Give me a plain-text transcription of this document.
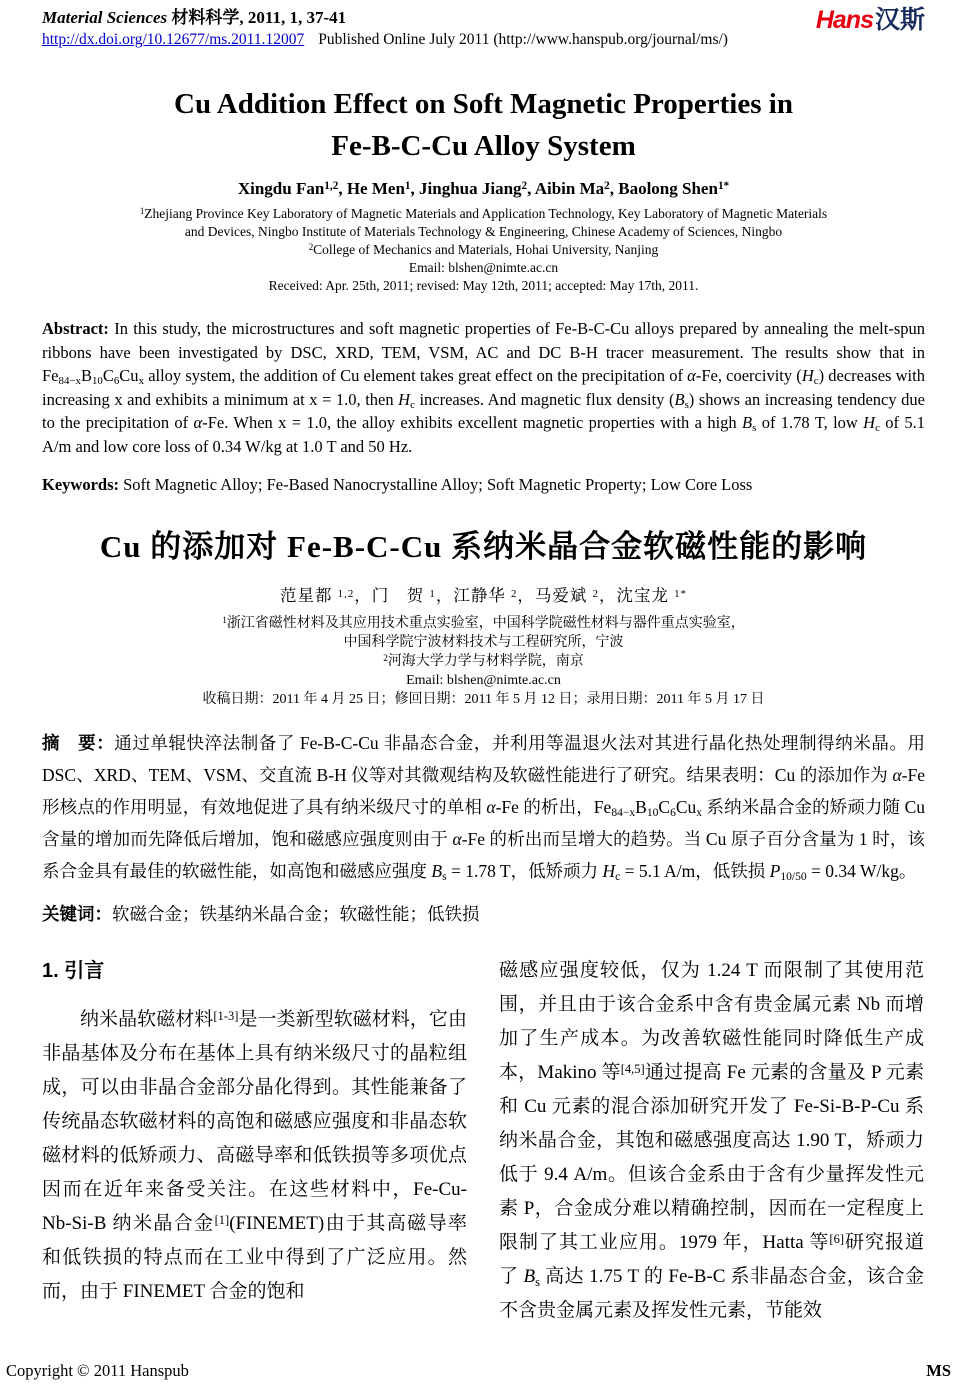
Material Sciences 材料科学, 2011, 1, 37-41
http://dx.doi.org/10.12677/ms.2011.12007 Published Online July 2011 (http://www.hanspub.org/journal/ms/)
Hans汉斯
Cu Addition Effect on Soft Magnetic Properties in
Fe-B-C-Cu Alloy System
Xingdu Fan$^{1,2}$, He Men$^1$, Jinghua Jiang$^2$, Aibin Ma$^2$, Baolong Shen$^{1*}$
$^1$Zhejiang Province Key Laboratory of Magnetic Materials and Application Technology, Key Laboratory of Magnetic Materials
and Devices, Ningbo Institute of Materials Technology & Engineering, Chinese Academy of Sciences, Ningbo
$^2$College of Mechanics and Materials, Hohai University, Nanjing
Email: blshen@nimte.ac.cn
Received: Apr. 25th, 2011; revised: May 12th, 2011; accepted: May 17th, 2011.
Abstract: In this study, the microstructures and soft magnetic properties of Fe-B-C-Cu alloys prepared by annealing the melt-spun ribbons have been investigated by DSC, XRD, TEM, VSM, AC and DC B-H tracer measurement. The results show that in Fe84−xB10C6Cux alloy system, the addition of Cu element takes great effect on the precipitation of α-Fe, coercivity (Hc) decreases with increasing x and exhibits a minimum at x = 1.0, then Hc increases. And magnetic flux density (Bs) shows an increasing tendency due to the precipitation of α-Fe. When x = 1.0, the alloy exhibits excellent magnetic properties with a high Bs of 1.78 T, low Hc of 5.1 A/m and low core loss of 0.34 W/kg at 1.0 T and 50 Hz.
Keywords: Soft Magnetic Alloy; Fe-Based Nanocrystalline Alloy; Soft Magnetic Property; Low Core Loss
Cu 的添加对 Fe-B-C-Cu 系纳米晶合金软磁性能的影响
范星都 $^{1,2}$，门　贺 $^1$，江静华 $^2$，马爱斌 $^2$，沈宝龙 $^{1*}$
$^1$浙江省磁性材料及其应用技术重点实验室，中国科学院磁性材料与器件重点实验室，
中国科学院宁波材料技术与工程研究所，宁波
$^2$河海大学力学与材料学院，南京
Email: blshen@nimte.ac.cn
收稿日期：2011 年 4 月 25 日；修回日期：2011 年 5 月 12 日；录用日期：2011 年 5 月 17 日
摘　要：通过单辊快淬法制备了 Fe-B-C-Cu 非晶态合金，并利用等温退火法对其进行晶化热处理制得纳米晶。用 DSC、XRD、TEM、VSM、交直流 B-H 仪等对其微观结构及软磁性能进行了研究。结果表明：Cu 的添加作为 α-Fe 形核点的作用明显，有效地促进了具有纳米级尺寸的单相 α-Fe 的析出，Fe84−xB10C6Cux 系纳米晶合金的矫顽力随 Cu 含量的增加而先降低后增加，饱和磁感应强度则由于 α-Fe 的析出而呈增大的趋势。当 Cu 原子百分含量为 1 时，该系合金具有最佳的软磁性能，如高饱和磁感应强度 Bs = 1.78 T，低矫顽力 Hc = 5.1 A/m，低铁损 P10/50 = 0.34 W/kg。
关键词：软磁合金；铁基纳米晶合金；软磁性能；低铁损
1. 引言
纳米晶软磁材料[1-3]是一类新型软磁材料，它由非晶基体及分布在基体上具有纳米级尺寸的晶粒组成，可以由非晶合金部分晶化得到。其性能兼备了传统晶态软磁材料的高饱和磁感应强度和非晶态软磁材料的低矫顽力、高磁导率和低铁损等多项优点因而在近年来备受关注。在这些材料中，Fe-Cu-Nb-Si-B 纳米晶合金[1](FINEMET)由于其高磁导率和低铁损的特点而在工业中得到了广泛应用。然而，由于 FINEMET 合金的饱和
磁感应强度较低，仅为 1.24 T 而限制了其使用范围，并且由于该合金系中含有贵金属元素 Nb 而增加了生产成本。为改善软磁性能同时降低生产成本，Makino 等[4,5]通过提高 Fe 元素的含量及 P 元素和 Cu 元素的混合添加研究开发了 Fe-Si-B-P-Cu 系纳米晶合金，其饱和磁感强度高达 1.90 T，矫顽力低于 9.4 A/m。但该合金系由于含有少量挥发性元素 P，合金成分难以精确控制，因而在一定程度上限制了其工业应用。1979 年，Hatta 等[6]研究报道了 Bs 高达 1.75 T 的 Fe-B-C 系非晶态合金，该合金不含贵金属元素及挥发性元素，节能效
Copyright © 2011 Hanspub	MS
